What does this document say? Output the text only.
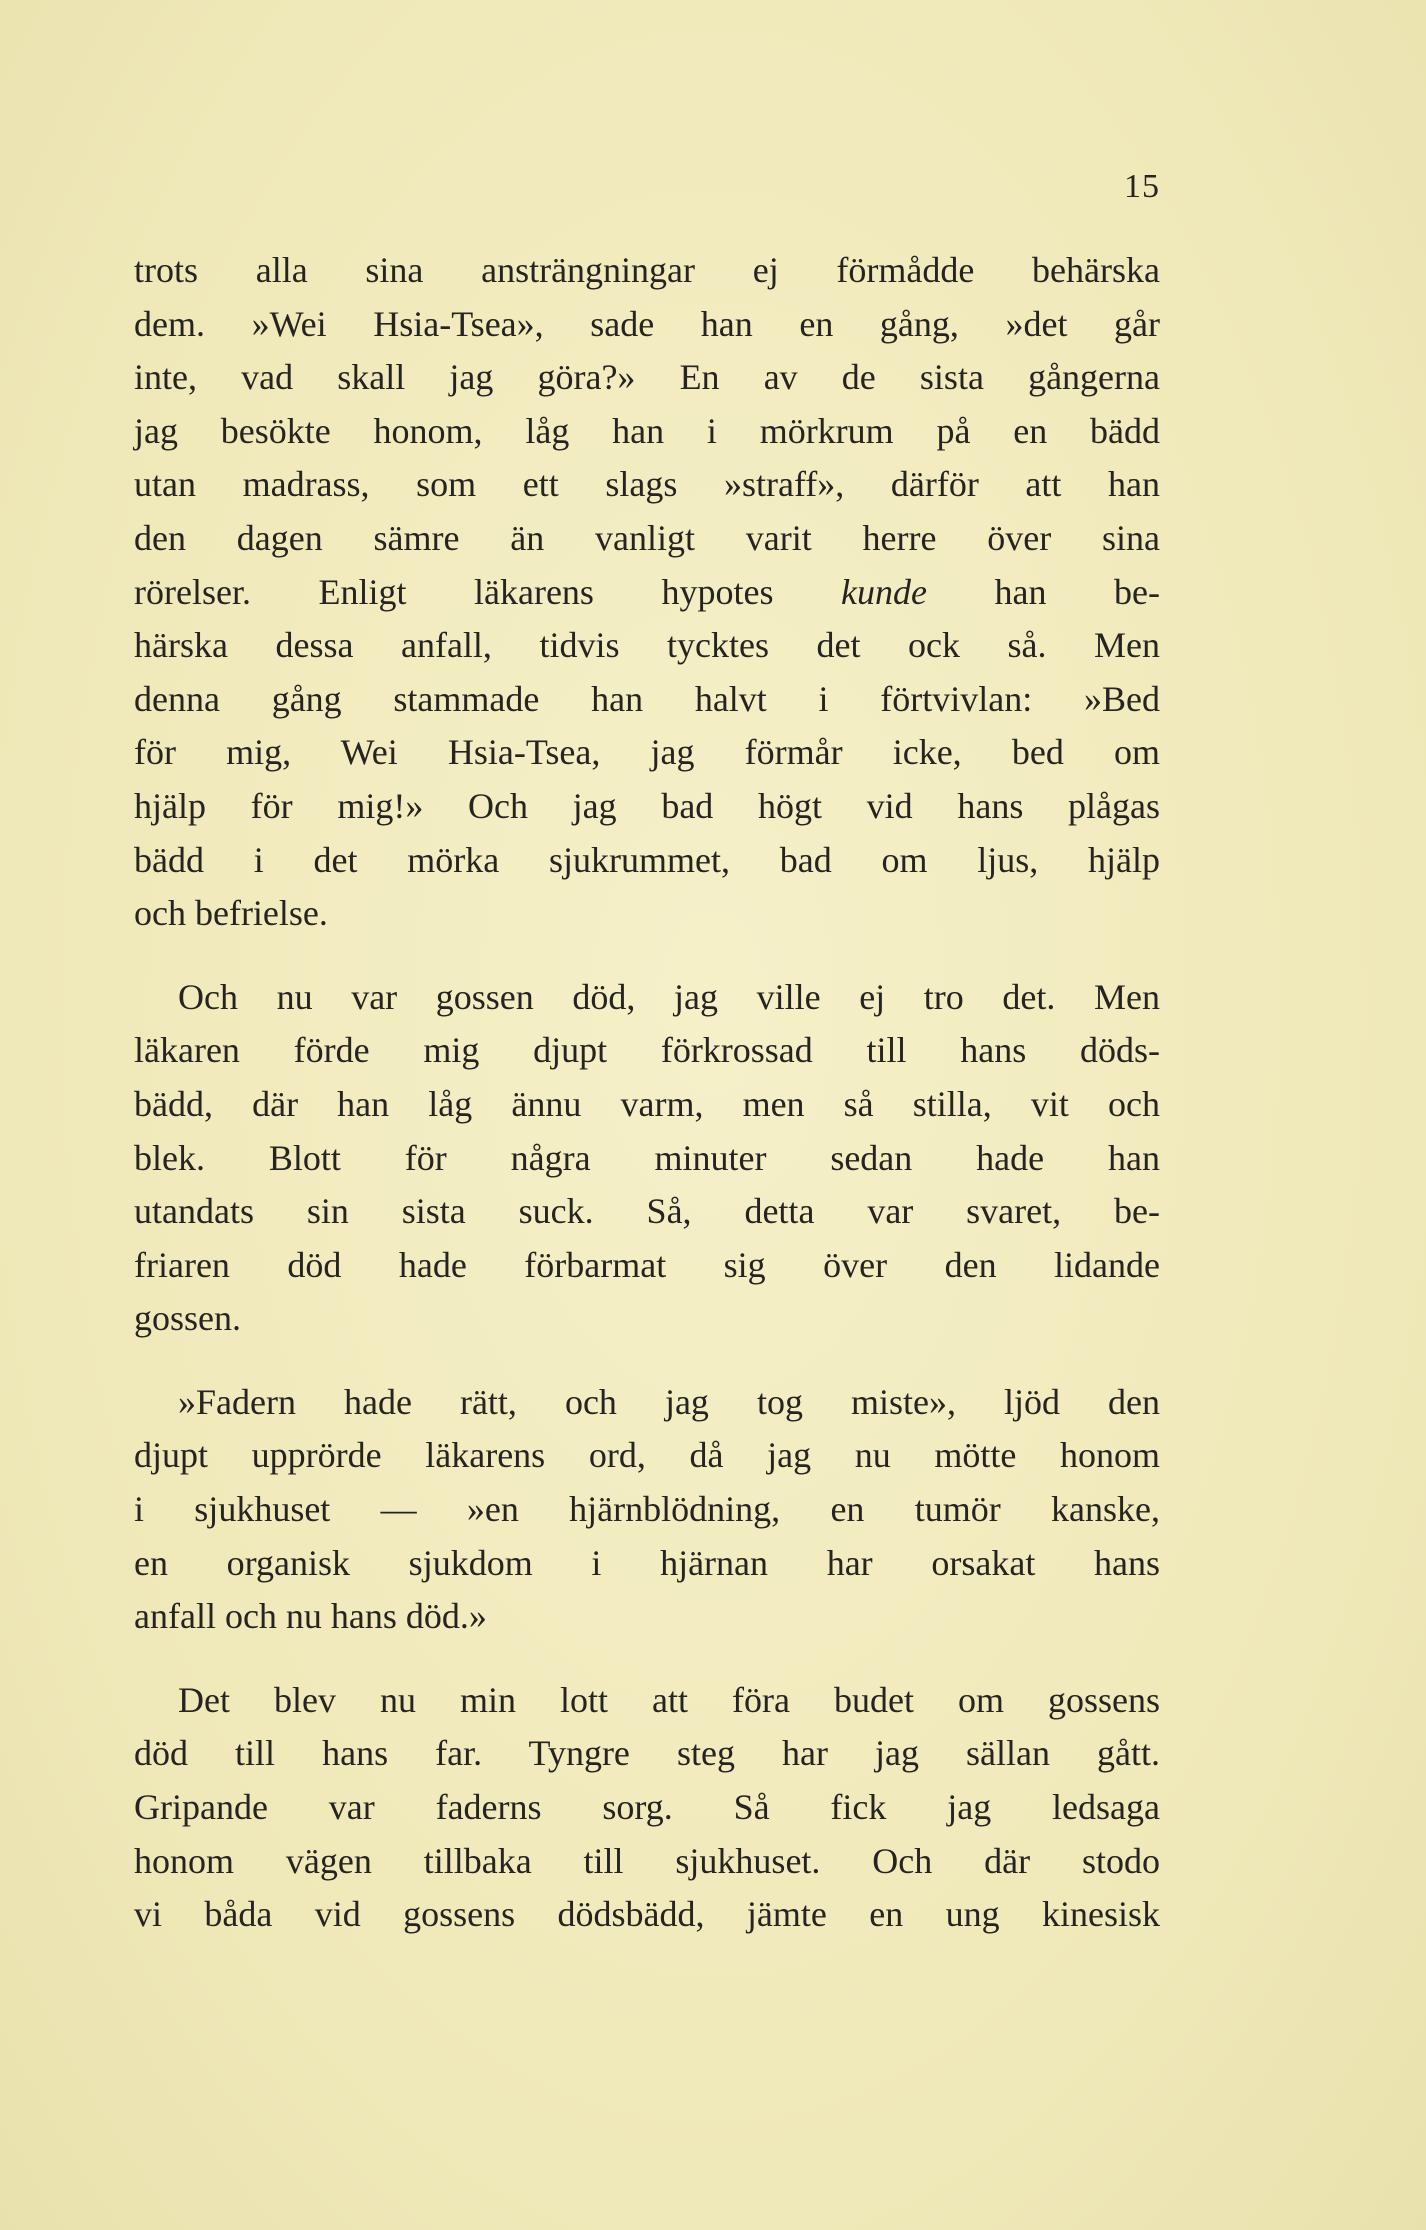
15

trots alla sina ansträngningar ej förmådde behärska
dem. »Wei Hsia-Tsea», sade han en gång, »det går
inte, vad skall jag göra?» En av de sista gångerna
jag besökte honom, låg han i mörkrum på en bädd
utan madrass, som ett slags »straff», därför att han
den dagen sämre än vanligt varit herre över sina
rörelser. Enligt läkarens hypotes kunde han be-
härska dessa anfall, tidvis tycktes det ock så. Men
denna gång stammade han halvt i förtvivlan: »Bed
för mig, Wei Hsia-Tsea, jag förmår icke, bed om
hjälp för mig!» Och jag bad högt vid hans plågas
bädd i det mörka sjukrummet, bad om ljus, hjälp
och befrielse.

Och nu var gossen död, jag ville ej tro det. Men
läkaren förde mig djupt förkrossad till hans döds-
bädd, där han låg ännu varm, men så stilla, vit och
blek. Blott för några minuter sedan hade han
utandats sin sista suck. Så, detta var svaret, be-
friaren död hade förbarmat sig över den lidande
gossen.

»Fadern hade rätt, och jag tog miste», ljöd den
djupt upprörde läkarens ord, då jag nu mötte honom
i sjukhuset — »en hjärnblödning, en tumör kanske,
en organisk sjukdom i hjärnan har orsakat hans
anfall och nu hans död.»

Det blev nu min lott att föra budet om gossens
död till hans far. Tyngre steg har jag sällan gått.
Gripande var faderns sorg. Så fick jag ledsaga
honom vägen tillbaka till sjukhuset. Och där stodo
vi båda vid gossens dödsbädd, jämte en ung kinesisk
